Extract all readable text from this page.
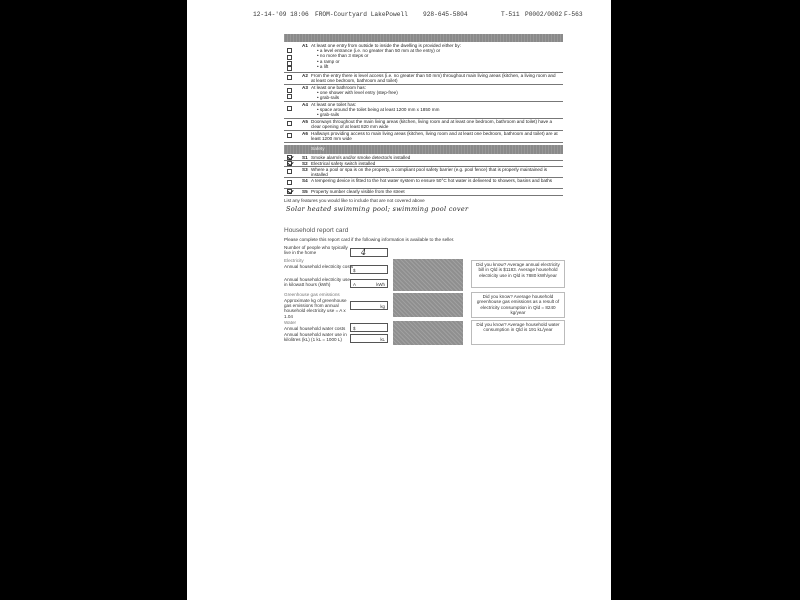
12-14-'09 18:06 FROM-Courtyard LakePowell 928-645-5804	T-511 P0002/0002 F-563
A1 At least one entry from outside to inside the dwelling is provided either by:
• a level entrance (i.e. no greater than 50 mm at the entry) or
• no more than 3 steps or
• a ramp or
• a lift
A2 From the entry there is level access (i.e. no greater than 50 mm) throughout main living areas (kitchen, a living room and at least one bedroom, bathroom and toilet)
A3 At least one bathroom has:
• one shower with level entry (step-free)
• grab-rails
A4 At least one toilet has:
• space around the toilet being at least 1200 mm x 1850 mm
• grab-rails
A5 Doorways throughout the main living areas (kitchen, living room and at least one bedroom, bathroom and toilet) have a clear opening of at least 820 mm wide
A6 Hallways providing access to main living areas (kitchen, living room and at least one bedroom, bathroom and toilet) are at least 1200 mm wide
Safety
S1 Smoke alarm/s and/or smoke detector/s installed
S2 Electrical safety switch installed
S3 Where a pool or spa is on the property, a compliant pool safety barrier (e.g. pool fence) that is properly maintained is installed
S4 A tempering device is fitted to the hot water system to ensure 50°C hot water is delivered to showers, basins and baths
S5 Property number clearly visible from the street
List any features you would like to include that are not covered above
Solar heated swimming pool; swimming pool cover
Household report card
Please complete this report card if the following information is available to the seller.
Number of people who typically live in the home	4
Electricity
Annual household electricity costs
$
Annual household electricity use in kilowatt hours (kWh)	A	kWh
Did you know? Average annual electricity bill in Qld is $1183. Average household electricity use in Qld is 7880 kWh/year
Greenhouse gas emissions
Approximate kg of greenhouse gas emissions from annual household electricity use = A x 1.04
kg
Did you know? Average household greenhouse gas emissions as a result of electricity consumption in Qld = 8240 kg/year
Water
Annual household water costs	$
Annual household water use in kilolitres (kL) (1 kL = 1000 L)	kL
Did you know? Average household water consumption in Qld is 191 kL/year
